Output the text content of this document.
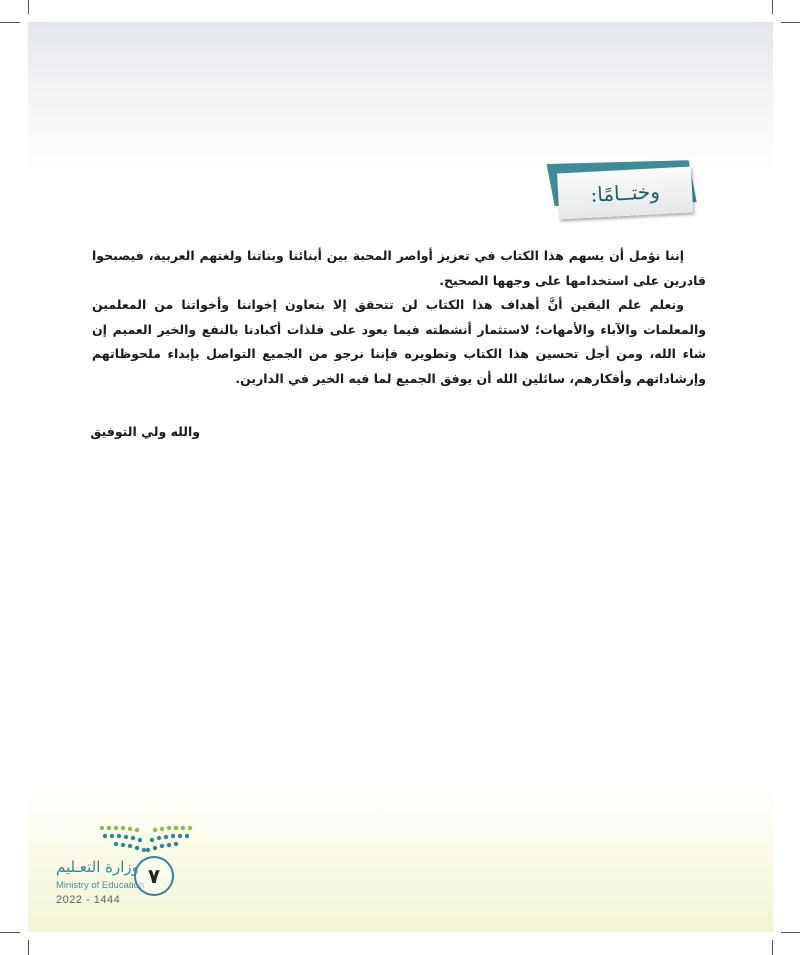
وختــامًا:

إننا نؤمل أن يسهم هذا الكتاب في تعزيز أواصر المحبة بين أبنائنا وبناتنا ولغتهم العربية، فيصبحوا قادرين على استخدامها على وجهها الصحيح.

ونعلم علم اليقين أنَّ أهداف هذا الكتاب لن تتحقق إلا بتعاون إخواننا وأخواتنا من المعلمين والمعلمات والآباء والأمهات؛ لاستثمار أنشطته فيما يعود على فلذات أكبادنا بالنفع والخير العميم إن شاء الله، ومن أجل تحسين هذا الكتاب وتطويره فإننا نرجو من الجميع التواصل بإبداء ملحوظاتهم وإرشاداتهم وأفكارهم، سائلين الله أن يوفق الجميع لما فيه الخير في الدارين.

والله ولي التوفيق
وزارة التعـليم
Ministry of Education
2022 - 1444
٧
